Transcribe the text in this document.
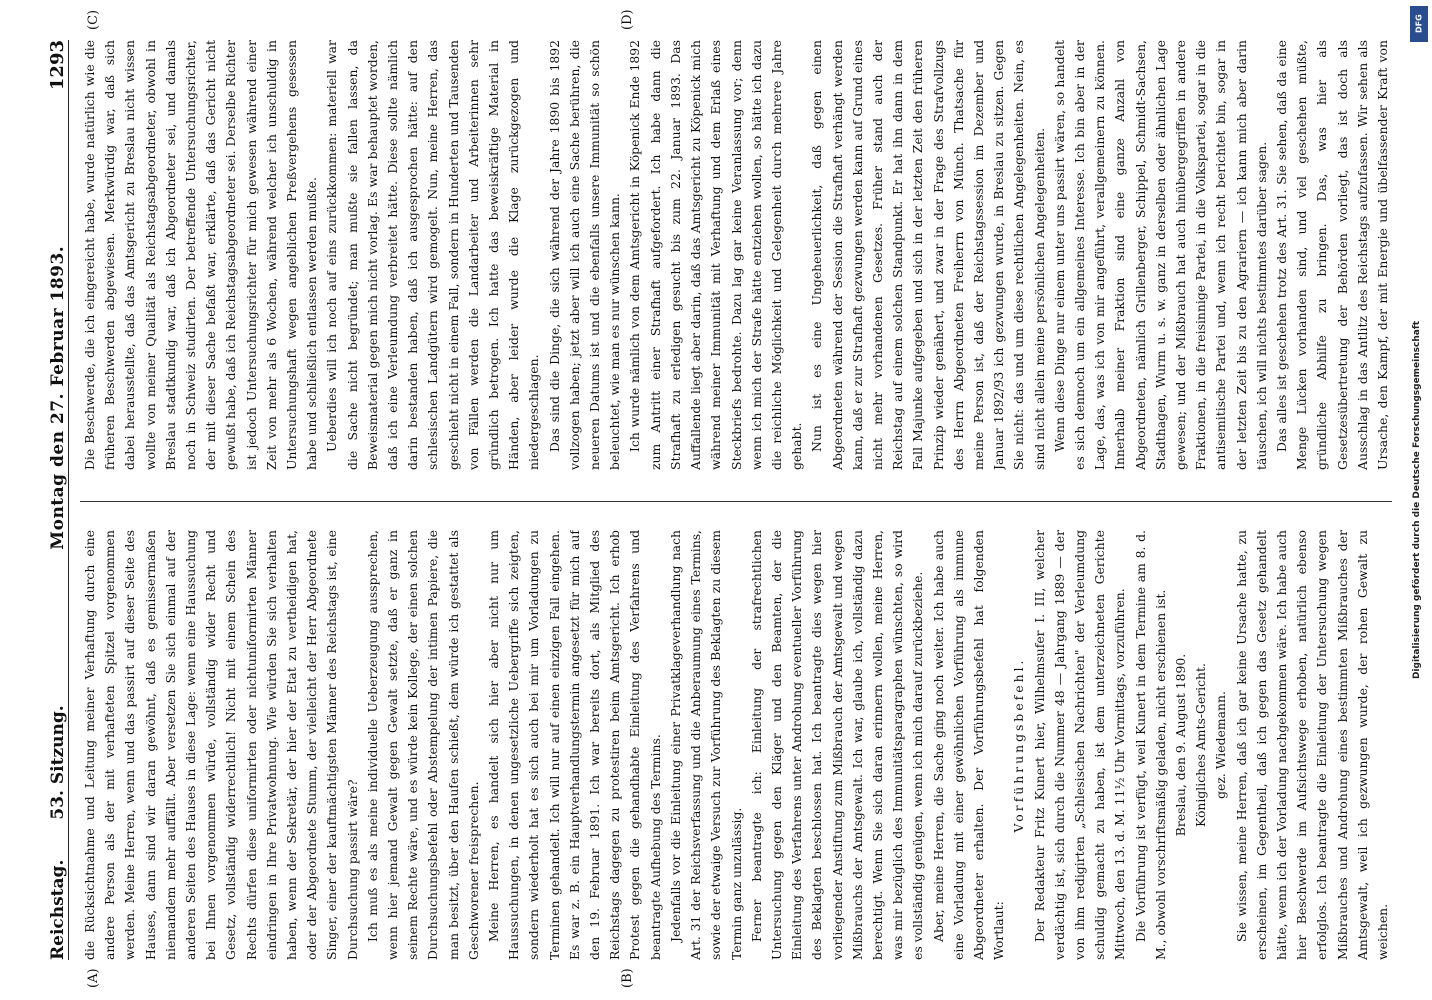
Reichstag.
53. Sitzung.
Montag den 27. Februar 1893.
1293
(A)	(B)
(C)	(D)

die Rücksichtnahme und Leitung meiner Verhaftung durch eine andere Person als der mit verhafteten Spitzel vorgenommen werden. Meine Herren, wenn und das passirt auf dieser Seite des Hauses, dann sind wir daran gewöhnt, daß es gemissermaßen niemandem mehr auffällt. Aber versetzen Sie sich einmal auf der anderen Seiten des Hauses in diese Lage: wenn eine Haussuchung bei Ihnen vorgenommen würde, vollständig wider Recht und Gesetz, vollständig widerrechtlich! Nicht mit einem Schein des Rechts dürfen diese uniformirten oder nichtuniformirten Männer eindringen in Ihre Privatwohnung. Wie würden Sie sich verhalten haben, wenn der Sekretär, der hier der Etat zu vertheidigen hat, oder der Abgeordnete Stumm, der vielleicht der Herr Abgeordnete Singer, einer der kauftmächtigsten Männer des Reichstags ist, eine Durchsuchung passirt wäre? Ich muß es als meine individuelle Ueberzeugung aussprechen, wenn hier jemand Gewalt gegen Gewalt setzte, daß er ganz in seinem Rechte wäre, und es würde kein Kollege, der einen solchen Durchsuchungsbefehl oder Abstempelung der intimen Papiere, die man besitzt, über den Haufen schießt, dem würde ich gestattet als Geschworener freisprechen. Meine Herren, es handelt sich hier aber nicht nur um Haussuchungen, in denen ungesetzliche Uebergriffe sich zeigten, sondern wiederholt hat es sich auch bei mir um Vorladungen zu Terminen gehandelt. Ich will nur auf einen einzigen Fall eingehen. Es war z. B. ein Hauptverhandlungstermin angesetzt für mich auf den 19. Februar 1891. Ich war bereits dort, als Mitglied des Reichstags dagegen zu protestiren beim Amtsgericht. Ich erhob Protest gegen die gehandhabte Einleitung des Verfahrens und beantragte Aufhebung des Termins. Jedenfalls vor die Einleitung einer Privatklageverhandlung nach Art. 31 der Reichsverfassung und die Anberaumung eines Termins, sowie der etwaige Versuch zur Vorführung des Beklagten zu diesem Termin ganz unzulässig. Ferner beantragte ich: Einleitung der strafrechtlichen Untersuchung gegen den Kläger und den Beamten, der die Einleitung des Verfahrens unter Androhung eventueller Vorführung des Beklagten beschlossen hat. Ich beantragte dies wegen hier vorliegender Anstiftung zum Mißbrauch der Amtsgewalt und wegen Mißbrauchs der Amtsgewalt. Ich war, glaube ich, vollständig dazu berechtigt. Wenn Sie sich daran erinnern wollen, meine Herren, was mir bezüglich des Immunitätsparagraphen wünschten, so wird es vollständig genügen, wenn ich mich darauf zurückbeziehe. Aber, meine Herren, die Sache ging noch weiter. Ich habe auch eine Vorladung mit einer gewöhnlichen Vorführung als immune Abgeordneter erhalten. Der Vorführungsbefehl hat folgenden Wortlaut:

Vorführungsbefehl. Der Redakteur Fritz Kunert hier, Wilhelmsufer I. III, welcher verdächtig ist, sich durch die Nummer 48 — Jahrgang 1889 — der von ihm redigirten „Schlesischen Nachrichten" der Verleumdung schuldig gemacht zu haben, ist dem unterzeichneten Gerichte Mittwoch, den 13. d. M. 11½ Uhr Vormittags, vorzuführen. Die Vorführung ist verfügt, weil Kunert in dem Termine am 8. d. M., obwohl vorschriftsmäßig geladen, nicht erschienen ist. Breslau, den 9. August 1890. Königliches Amts-Gericht. gez. Wiedemann. Sie wissen, meine Herren, daß ich gar keine Ursache hatte, zu erscheinen, im Gegentheil, daß ich gegen das Gesetz gehandelt hätte, wenn ich der Vorladung nachgekommen wäre. Ich habe auch hier Beschwerde im Aufsichtswege erhoben, natürlich ebenso erfolglos. Ich beantragte die Einleitung der Untersuchung wegen Mißbrauches und Androhung eines bestimmten Mißbrauches der Amtsgewalt, weil ich gezwungen wurde, der rohen Gewalt zu weichen.

Die Beschwerde, die ich eingereicht habe, wurde natürlich wie die früheren Beschwerden abgewiesen. Merkwürdig war, daß sich dabei herausstellte, daß das Amtsgericht zu Breslau nicht wissen wollte von meiner Qualität als Reichstagsabgeordneter, obwohl in Breslau stadtkundig war, daß ich Abgeordneter sei, und damals noch in Schweiz studirten. Der betreffende Untersuchungsrichter, der mit dieser Sache befaßt war, erklärte, daß das Gericht nicht gewußt habe, daß ich Reichstagsabgeordneter sei. Derselbe Richter ist jedoch Untersuchungsrichter für mich gewesen während einer Zeit von mehr als 6 Wochen, während welcher ich unschuldig in Untersuchungshaft wegen angeblichen Preßvergehens gesessen habe und schließlich entlassen werden mußte. Ueberdies will ich noch auf eins zurückkommen: materiell war die Sache nicht begründet; man mußte sie fallen lassen, da Beweismaterial gegen mich nicht vorlag. Es war behauptet worden, daß ich eine Verleumdung verbreitet hätte. Diese sollte nämlich darin bestanden haben, daß ich ausgesprochen hätte: auf den schlesischen Landgütern wird gemogelt. Nun, meine Herren, das geschieht nicht in einem Fall, sondern in Hunderten und Tausenden von Fällen werden die Landarbeiter und Arbeiterinnen sehr gründlich betrogen. Ich hatte das beweiskräftige Material in Händen, aber leider wurde die Klage zurückgezogen und niedergeschlagen. Das sind die Dinge, die sich während der Jahre 1890 bis 1892 vollzogen haben; jetzt aber will ich auch eine Sache berühren, die neueren Datums ist und die ebenfalls unsere Immunität so schön beleuchtet, wie man es nur wünschen kann. Ich wurde nämlich von dem Amtsgericht in Köpenick Ende 1892 zum Antritt einer Strafhaft aufgefordert. Ich habe dann die Strafhaft zu erledigen gesucht bis zum 22. Januar 1893. Das Auffallende liegt aber darin, daß das Amtsgericht zu Köpenick mich während meiner Immunität mit Verhaftung und dem Erlaß eines Steckbriefs bedrohte. Dazu lag gar keine Veranlassung vor; denn wenn ich mich der Strafe hätte entziehen wollen, so hätte ich dazu die reichliche Möglichkeit und Gelegenheit durch mehrere Jahre gehabt. Nun ist es eine Ungeheuerlichkeit, daß gegen einen Abgeordneten während der Session die Strafhaft verhängt werden kann, daß er zur Strafhaft gezwungen werden kann auf Grund eines nicht mehr vorhandenen Gesetzes. Früher stand auch der Reichstag auf einem solchen Standpunkt. Er hat ihn dann in dem Fall Majunke aufgegeben und sich in der letzten Zeit den früheren Prinzip wieder genähert, und zwar in der Frage des Strafvollzugs des Herrn Abgeordneten Freiherrn von Münch. Thatsache für meine Person ist, daß der Reichstagssession im Dezember und Januar 1892/93 ich gezwungen wurde, in Breslau zu sitzen. Gegen Sie nicht: das und um diese rechtlichen Angelegenheiten. Nein, es sind nicht allein meine persönlichen Angelegenheiten. Wenn diese Dinge nur einem unter uns passirt wären, so handelt es sich dennoch um ein allgemeines Interesse. Ich bin aber in der Lage, das, was ich von mir angeführt, verallgemeinern zu können. Innerhalb meiner Fraktion sind eine ganze Anzahl von Abgeordneten, nämlich Grillenberger, Schippel, Schmidt-Sachsen, Stadthagen, Wurm u. s. w. ganz in derselben oder ähnlichen Lage gewesen; und der Mißbrauch hat auch hinübergegriffen in andere Fraktionen, in die freisinnige Partei, in die Volkspartei, sogar in die antisemitische Partei und, wenn ich recht berichtet bin, sogar in der letzten Zeit bis zu den Agrariern — ich kann mich aber darin täuschen, ich will nichts bestimmtes darüber sagen. Das alles ist geschehen trotz des Art. 31. Sie sehen, daß da eine Menge Lücken vorhanden sind, und viel geschehen müßte, gründliche Abhilfe zu bringen. Das, was hier als Gesetzesübertretung der Behörden vorliegt, das ist doch als Ausschlag in das Antlitz des Reichstags aufzufassen. Wir sehen als Ursache, den Kampf, der mit Energie und übelfassender Kraft von

DFG
Digitalisierung gefördert durch die Deutsche Forschungsgemeinschaft
